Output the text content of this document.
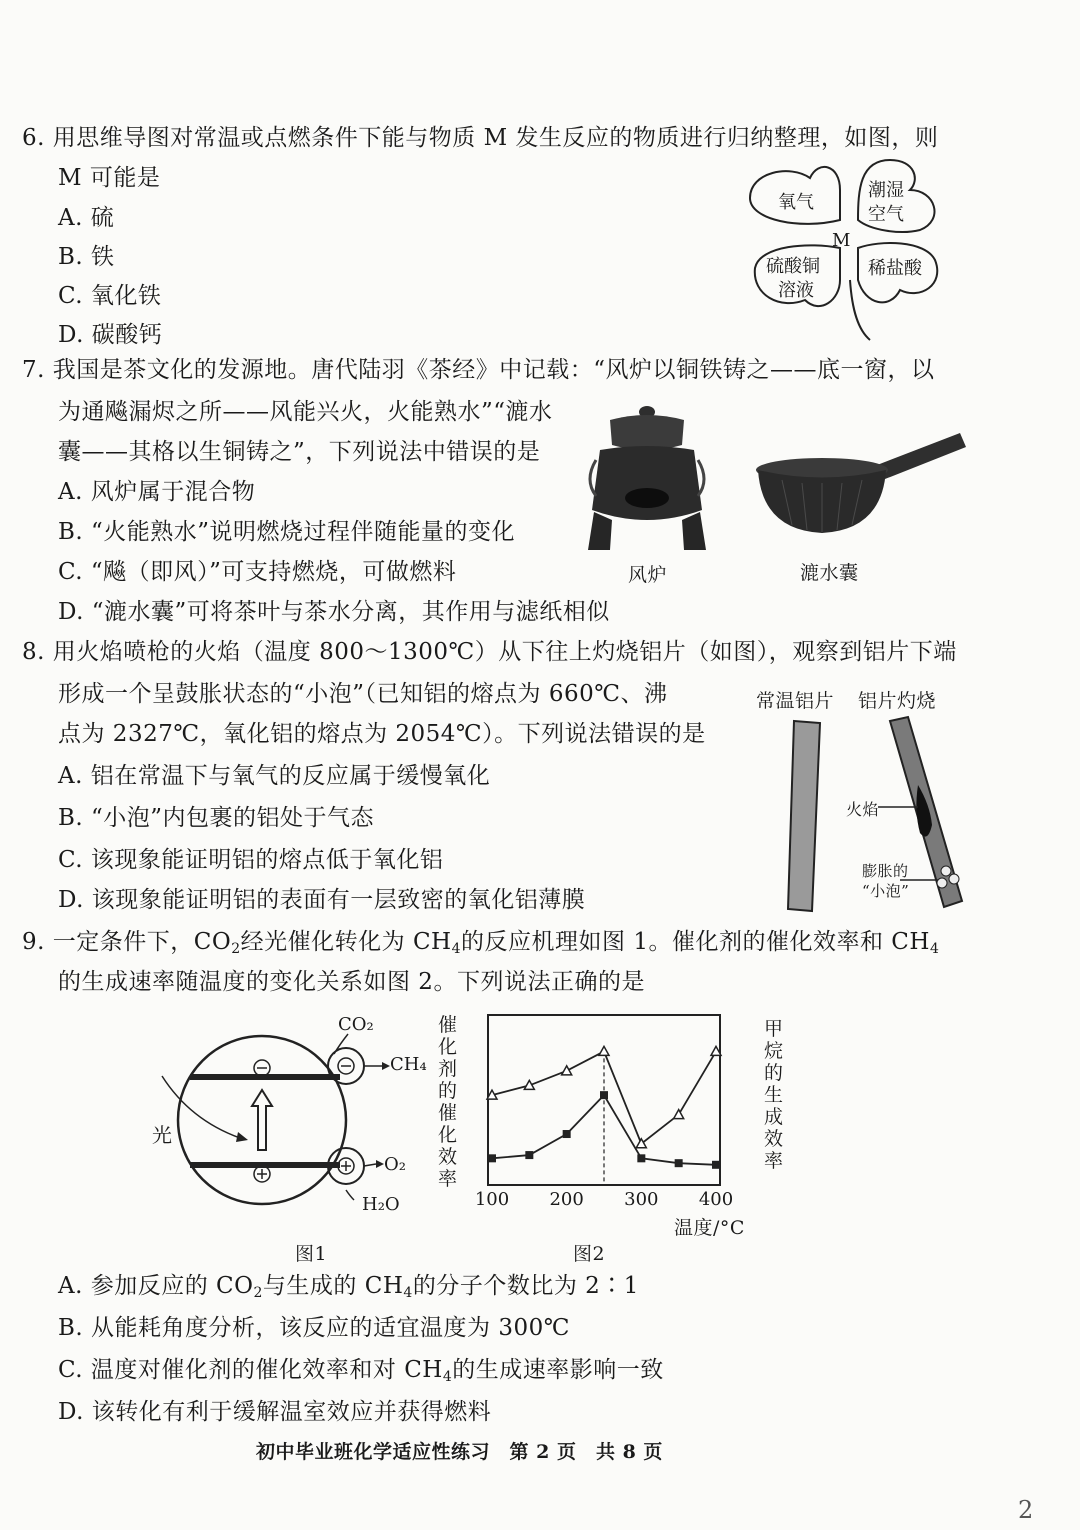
6. 用思维导图对常温或点燃条件下能与物质 M 发生反应的物质进行归纳整理，如图，则
M 可能是
A. 硫
B. 铁
C. 氧化铁
D. 碳酸钙
氧气
潮湿
空气
M
硫酸铜
溶液
稀盐酸
7. 我国是茶文化的发源地。唐代陆羽《茶经》中记载：“风炉以铜铁铸之——底一窗，以
为通飚漏烬之所——风能兴火，火能熟水”“漉水
囊——其格以生铜铸之”，下列说法中错误的是
A. 风炉属于混合物
B. “火能熟水”说明燃烧过程伴随能量的变化
C. “飚（即风）”可支持燃烧，可做燃料
D. “漉水囊”可将茶叶与茶水分离，其作用与滤纸相似
风炉	漉水囊
8. 用火焰喷枪的火焰（温度 800～1300℃）从下往上灼烧铝片（如图），观察到铝片下端
形成一个呈鼓胀状态的“小泡”（已知铝的熔点为 660℃、沸
点为 2327℃，氧化铝的熔点为 2054℃）。下列说法错误的是
A. 铝在常温下与氧气的反应属于缓慢氧化
B. “小泡”内包裹的铝处于气态
C. 该现象能证明铝的熔点低于氧化铝
D. 该现象能证明铝的表面有一层致密的氧化铝薄膜
常温铝片 铝片灼烧
火焰
膨胀的
“小泡”
9. 一定条件下，$CO_2$经光催化转化为 $CH_4$的反应机理如图 1。催化剂的催化效率和 $CH_4$
的生成速率随温度的变化关系如图 2。下列说法正确的是
光
CO₂
CH₄
O₂
H₂O
图1
100 200 300 400
催化剂的催化效率
甲烷的生成效率
温度/°C
图2
A. 参加反应的 $CO_2$与生成的 $CH_4$的分子个数比为 2∶1
B. 从能耗角度分析，该反应的适宜温度为 300℃
C. 温度对催化剂的催化效率和对 $CH_4$的生成速率影响一致
D. 该转化有利于缓解温室效应并获得燃料
初中毕业班化学适应性练习　第 2 页　共 8 页
2
